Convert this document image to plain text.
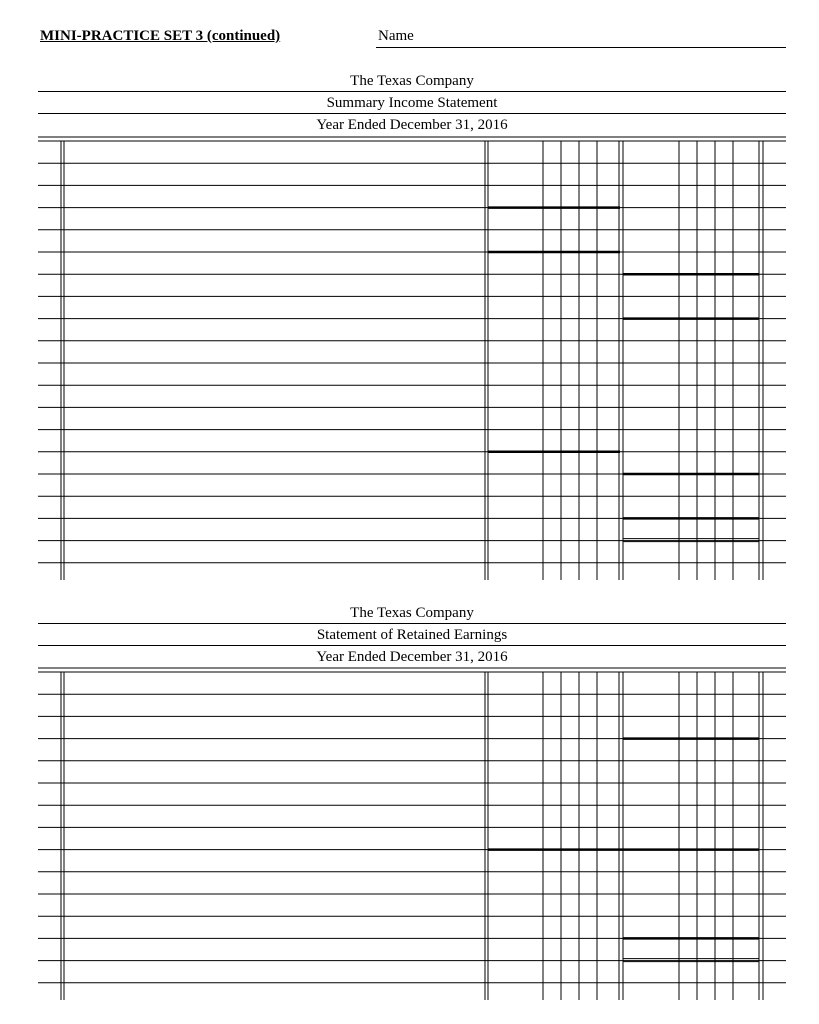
MINI-PRACTICE SET 3 (continued)	Name
The Texas Company
Summary Income Statement
Year Ended December 31, 2016
The Texas Company
Statement of Retained Earnings
Year Ended December 31, 2016
